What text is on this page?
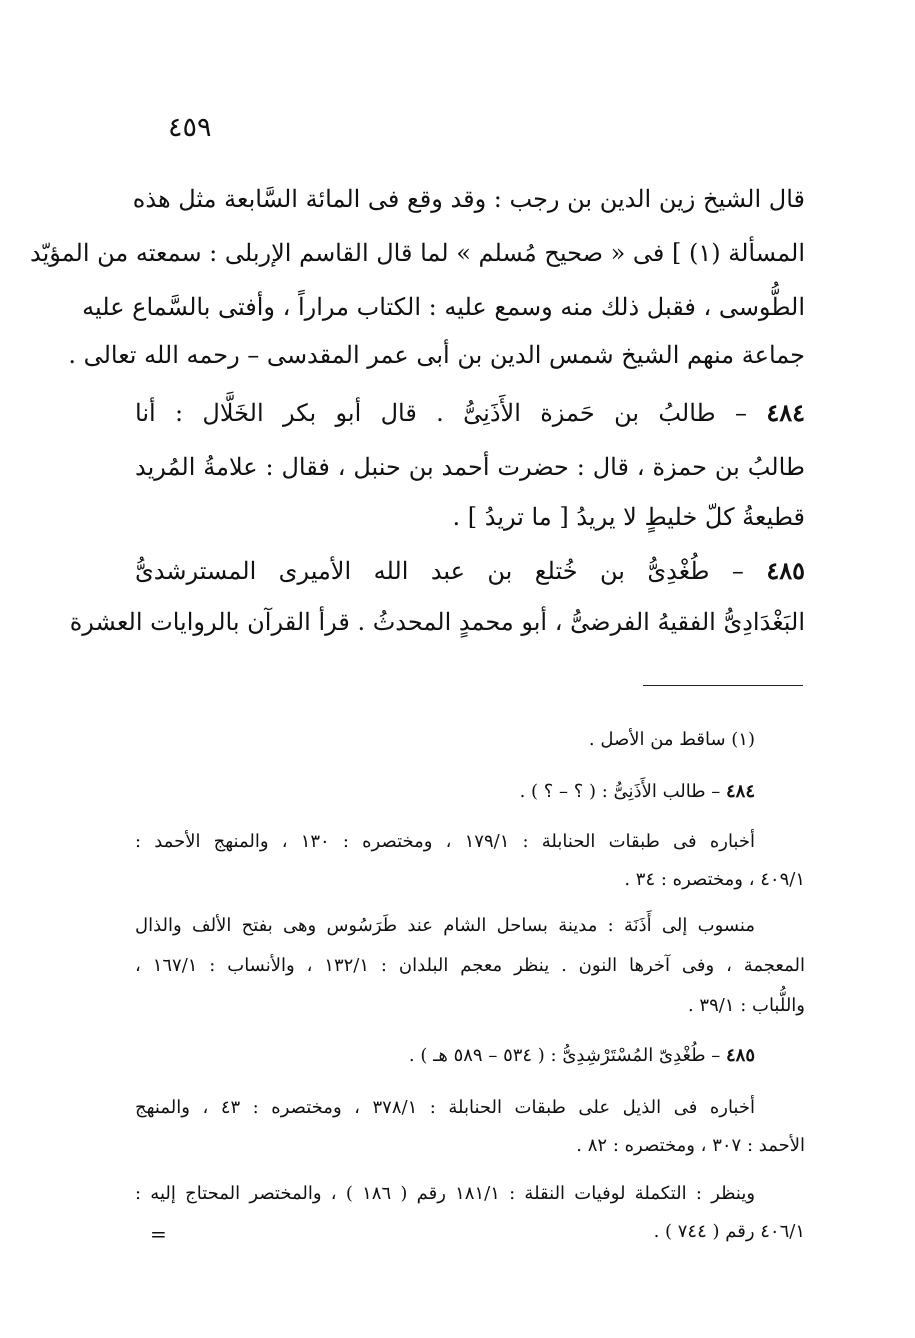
٤٥٩
قال الشيخ زين الدين بن رجب : وقد وقع فى المائة السَّابعة مثل هذه
المسألة (١) ] فى « صحيح مُسلم » لما قال القاسم الإربلى : سمعته من المؤيّد
الطُّوسى ، فقبل ذلك منه وسمع عليه : الكتاب مراراً ، وأفتى بالسَّماع عليه
جماعة منهم الشيخ شمس الدين بن أبى عمر المقدسى – رحمه الله تعالى .
٤٨٤ – طالبُ بن حَمزة الأَذَنِىُّ . قال أبو بكر الخَلَّال : أنا
طالبُ بن حمزة ، قال : حضرت أحمد بن حنبل ، فقال : علامةُ المُريد
قطيعةُ كلّ خليطٍ لا يريدُ [ ما تريدُ ] .
٤٨٥ – طُغْدِىُّ بن خُتلع بن عبد الله الأميرى المسترشدىُّ
البَغْدَادِىُّ الفقيهُ الفرضىُّ ، أبو محمدٍ المحدثُ . قرأ القرآن بالروايات العشرة
(١) ساقط من الأصل .
٤٨٤ – طالب الأَذَنِىُّ : ( ؟ – ؟ ) .
أخباره فى طبقات الحنابلة : ١٧٩/١ ، ومختصره : ١٣٠ ، والمنهج الأحمد :
٤٠٩/١ ، ومختصره : ٣٤ .
منسوب إلى أَذَنَة : مدينة بساحل الشام عند طَرَسُوس وهى بفتح الألف والذال
المعجمة ، وفى آخرها النون . ينظر معجم البلدان : ١٣٢/١ ، والأنساب : ١٦٧/١ ،
واللُّباب : ٣٩/١ .
٤٨٥ – طُغْدِىّ المُسْتَرْشِدِىُّ : ( ٥٣٤ – ٥٨٩ هـ ) .
أخباره فى الذيل على طبقات الحنابلة : ٣٧٨/١ ، ومختصره : ٤٣ ، والمنهج
الأحمد : ٣٠٧ ، ومختصره : ٨٢ .
وينظر : التكملة لوفيات النقلة : ١٨١/١ رقم ( ١٨٦ ) ، والمختصر المحتاج إليه :
٤٠٦/١ رقم ( ٧٤٤ ) .
=
